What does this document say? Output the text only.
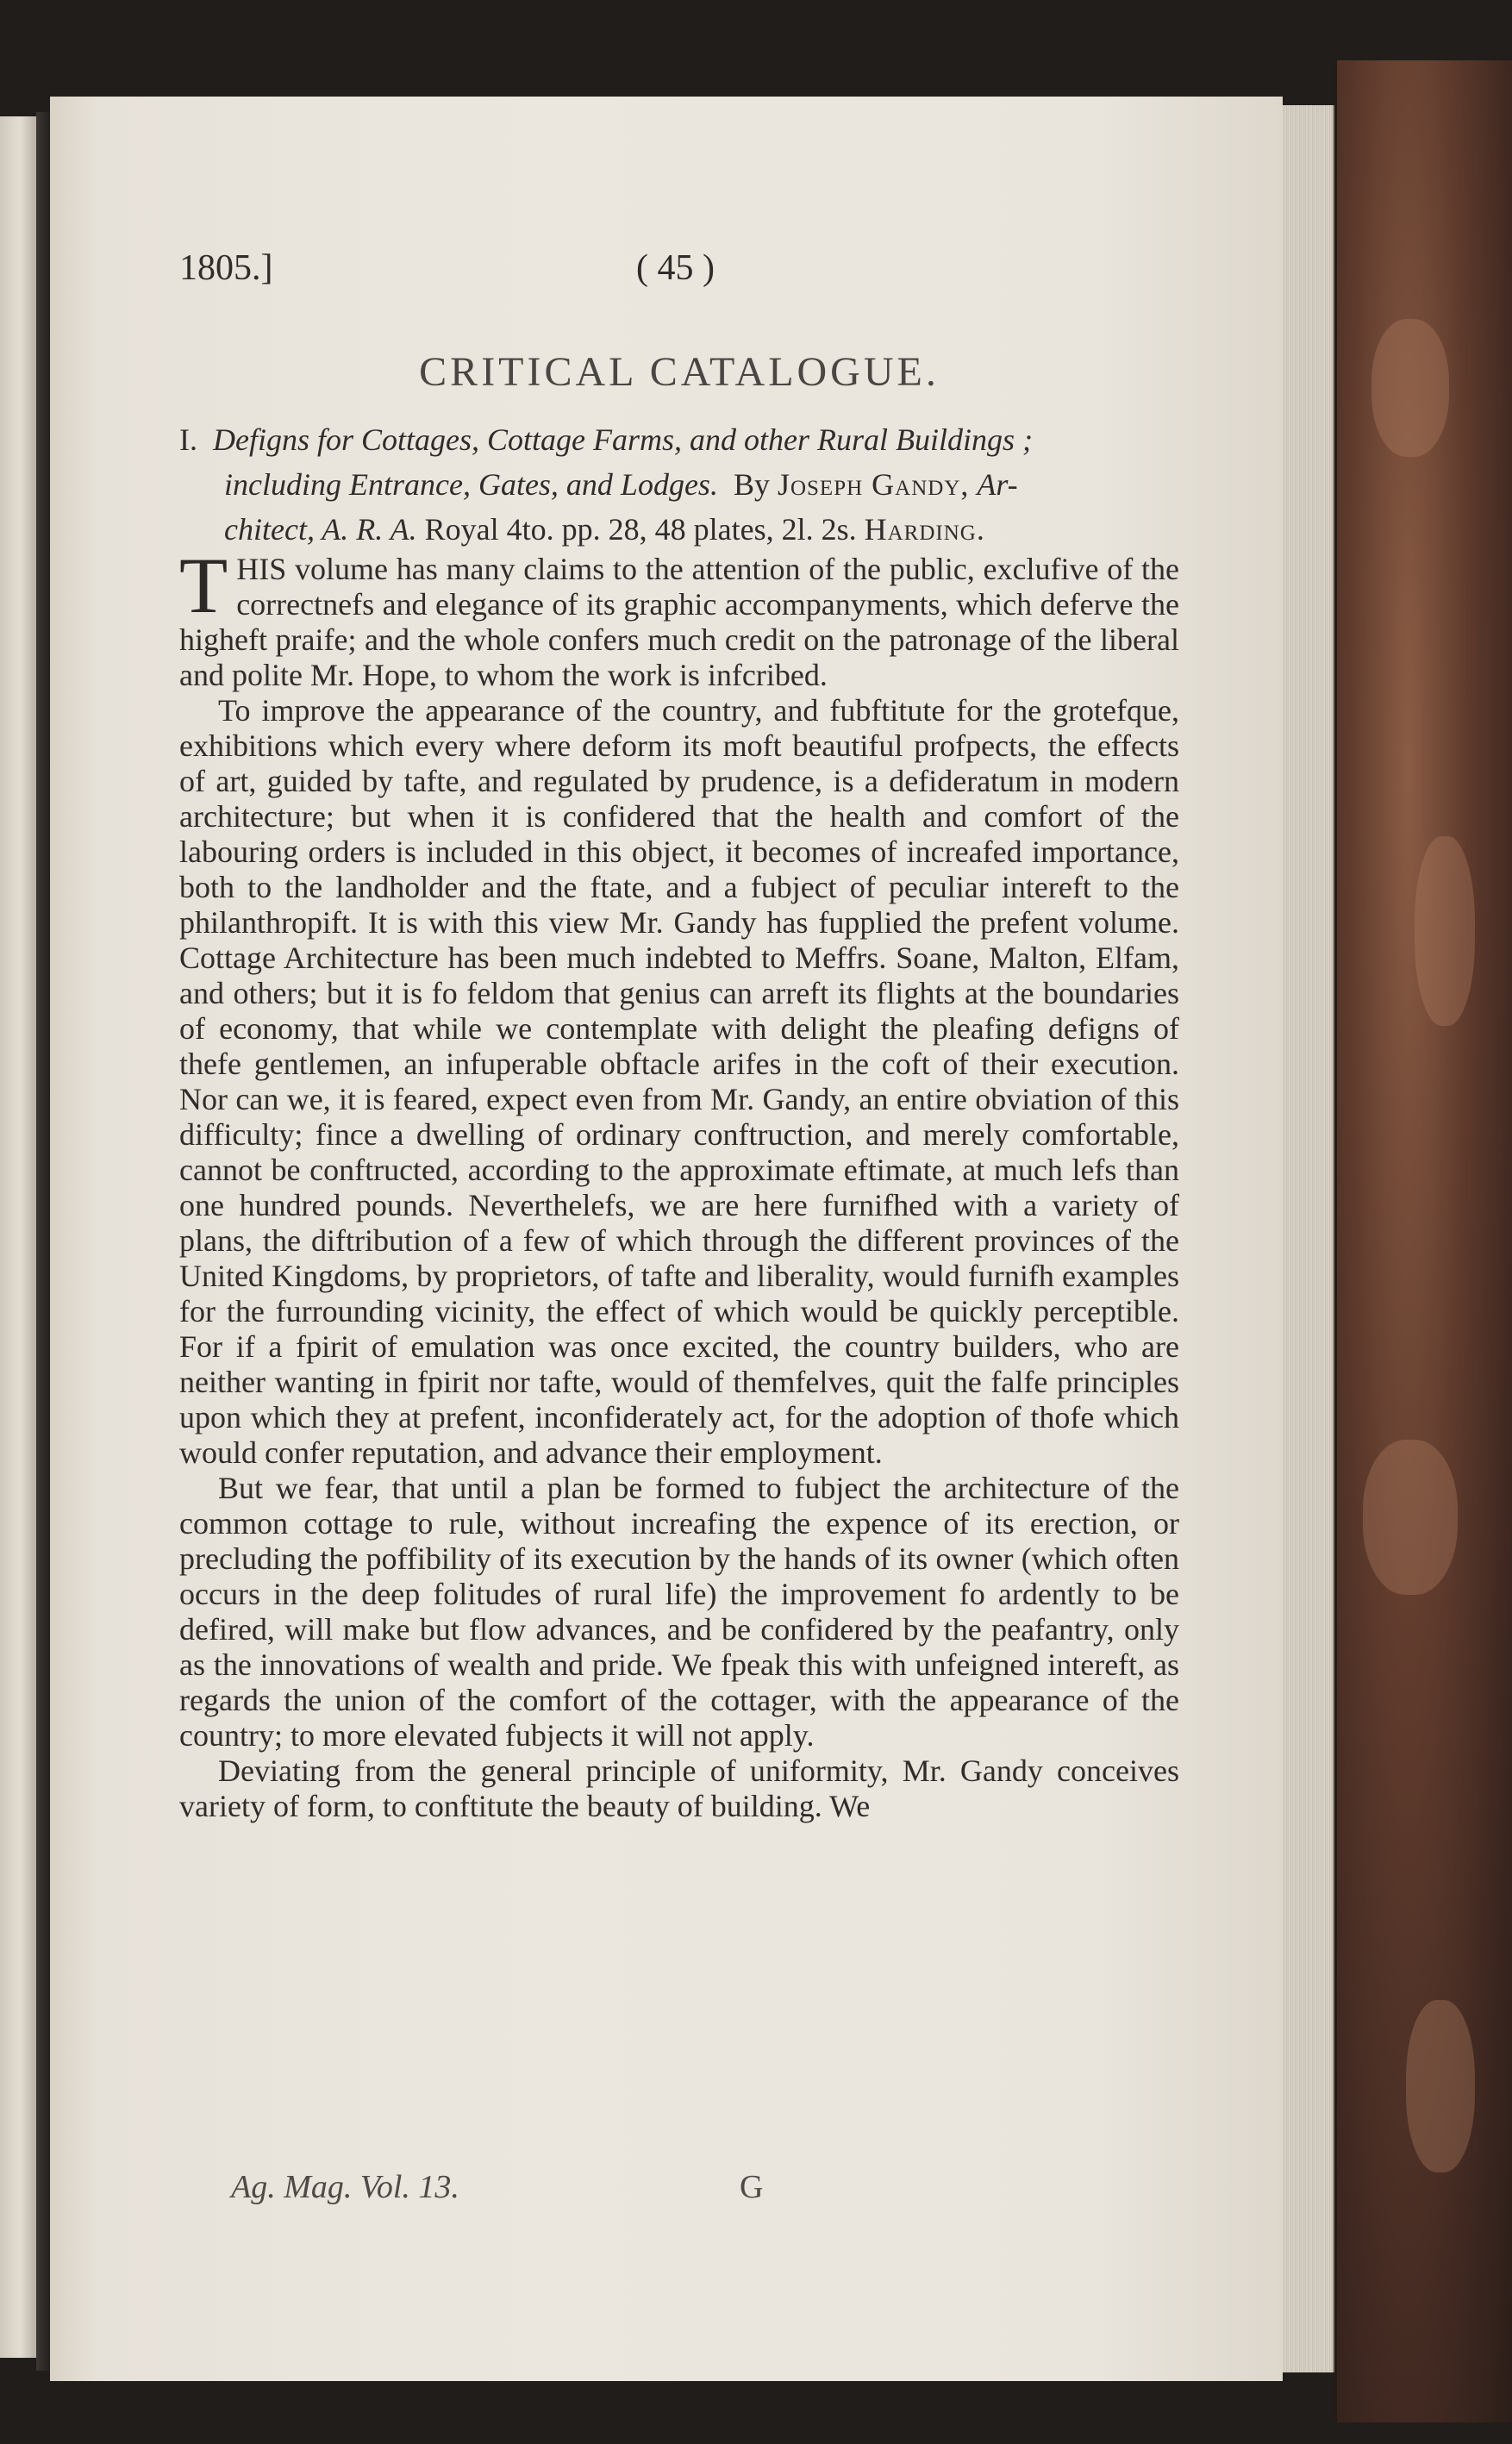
1805.]	( 45 )
CRITICAL CATALOGUE.
I. Defigns for Cottages, Cottage Farms, and other Rural Buildings ;
including Entrance, Gates, and Lodges. By Joseph Gandy, Ar-
chitect, A. R. A. Royal 4to. pp. 28, 48 plates, 2l. 2s. Harding.

THIS volume has many claims to the attention of the public, exclufive of the correctnefs and elegance of its graphic accompanyments, which deferve the higheft praife; and the whole confers much credit on the patronage of the liberal and polite Mr. Hope, to whom the work is infcribed.

To improve the appearance of the country, and fubftitute for the grotefque, exhibitions which every where deform its moft beautiful profpects, the effects of art, guided by tafte, and regulated by prudence, is a defideratum in modern architecture; but when it is confidered that the health and comfort of the labouring orders is included in this object, it becomes of increafed importance, both to the landholder and the ftate, and a fubject of peculiar intereft to the philanthropift. It is with this view Mr. Gandy has fupplied the prefent volume. Cottage Architecture has been much indebted to Meffrs. Soane, Malton, Elfam, and others; but it is fo feldom that genius can arreft its flights at the boundaries of economy, that while we contemplate with delight the pleafing defigns of thefe gentlemen, an infuperable obftacle arifes in the coft of their execution. Nor can we, it is feared, expect even from Mr. Gandy, an entire obviation of this difficulty; fince a dwelling of ordinary conftruction, and merely comfortable, cannot be conftructed, according to the approximate eftimate, at much lefs than one hundred pounds. Neverthelefs, we are here furnifhed with a variety of plans, the diftribution of a few of which through the different provinces of the United Kingdoms, by proprietors, of tafte and liberality, would furnifh examples for the furrounding vicinity, the effect of which would be quickly perceptible. For if a fpirit of emulation was once excited, the country builders, who are neither wanting in fpirit nor tafte, would of themfelves, quit the falfe principles upon which they at prefent, inconfiderately act, for the adoption of thofe which would confer reputation, and advance their employment.

But we fear, that until a plan be formed to fubject the architecture of the common cottage to rule, without increafing the expence of its erection, or precluding the poffibility of its execution by the hands of its owner (which often occurs in the deep folitudes of rural life) the improvement fo ardently to be defired, will make but flow advances, and be confidered by the peafantry, only as the innovations of wealth and pride. We fpeak this with unfeigned intereft, as regards the union of the comfort of the cottager, with the appearance of the country; to more elevated fubjects it will not apply.

Deviating from the general principle of uniformity, Mr. Gandy conceives variety of form, to conftitute the beauty of building. We

Ag. Mag. Vol. 13.	G
